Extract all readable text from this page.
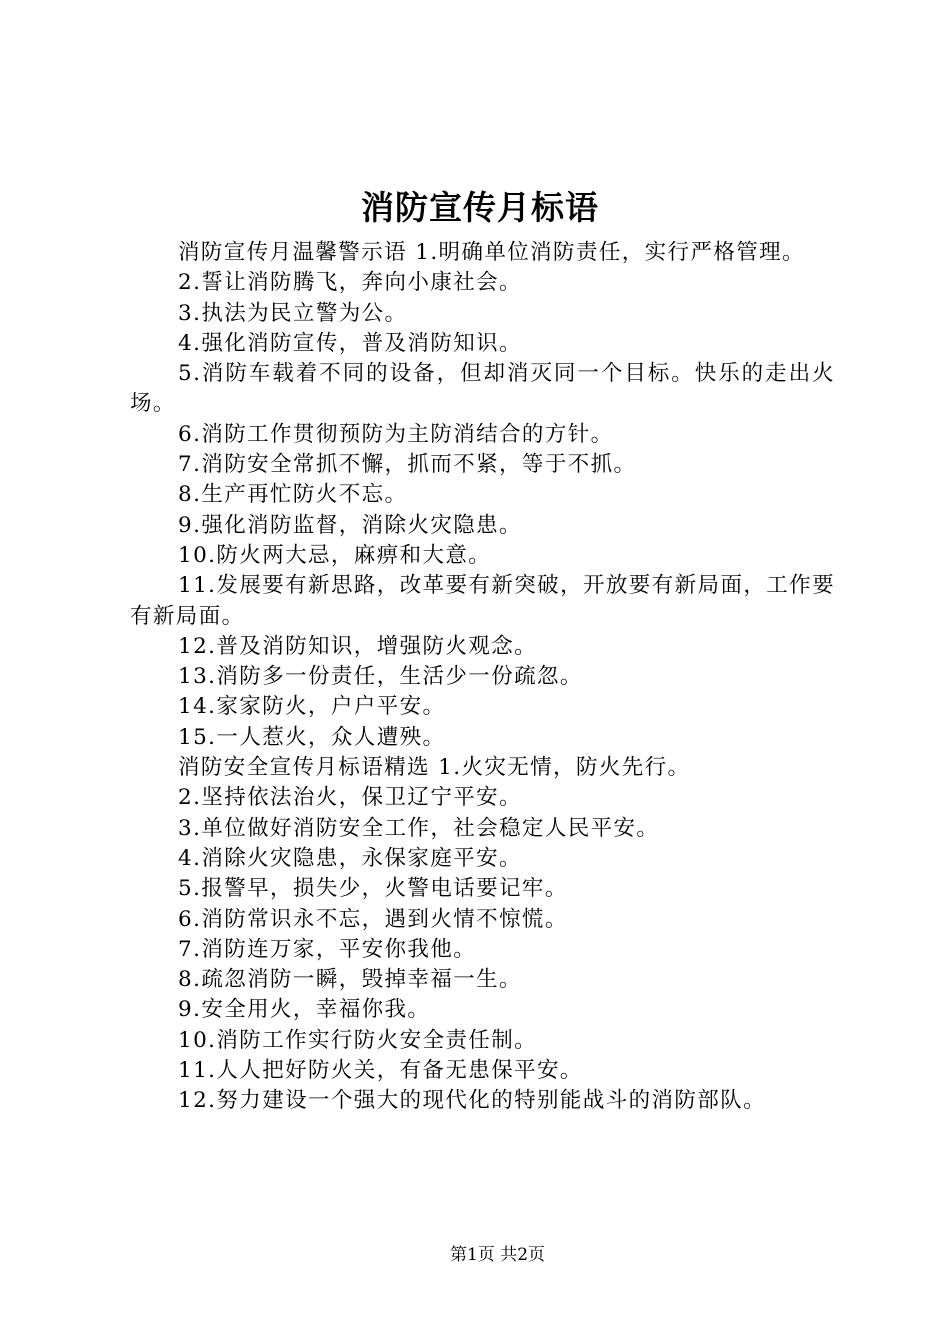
消防宣传月标语

消防宣传月温馨警示语 1.明确单位消防责任，实行严格管理。

2.誓让消防腾飞，奔向小康社会。

3.执法为民立警为公。

4.强化消防宣传，普及消防知识。

5.消防车载着不同的设备，但却消灭同一个目标。快乐的走出火场。

6.消防工作贯彻预防为主防消结合的方针。

7.消防安全常抓不懈，抓而不紧，等于不抓。

8.生产再忙防火不忘。

9.强化消防监督，消除火灾隐患。

10.防火两大忌，麻痹和大意。

11.发展要有新思路，改革要有新突破，开放要有新局面，工作要有新局面。

12.普及消防知识，增强防火观念。

13.消防多一份责任，生活少一份疏忽。

14.家家防火，户户平安。

15.一人惹火，众人遭殃。

消防安全宣传月标语精选 1.火灾无情，防火先行。

2.坚持依法治火，保卫辽宁平安。

3.单位做好消防安全工作，社会稳定人民平安。

4.消除火灾隐患，永保家庭平安。

5.报警早，损失少，火警电话要记牢。

6.消防常识永不忘，遇到火情不惊慌。

7.消防连万家，平安你我他。

8.疏忽消防一瞬，毁掉幸福一生。

9.安全用火，幸福你我。

10.消防工作实行防火安全责任制。

11.人人把好防火关，有备无患保平安。

12.努力建设一个强大的现代化的特别能战斗的消防部队。

第1页 共2页
